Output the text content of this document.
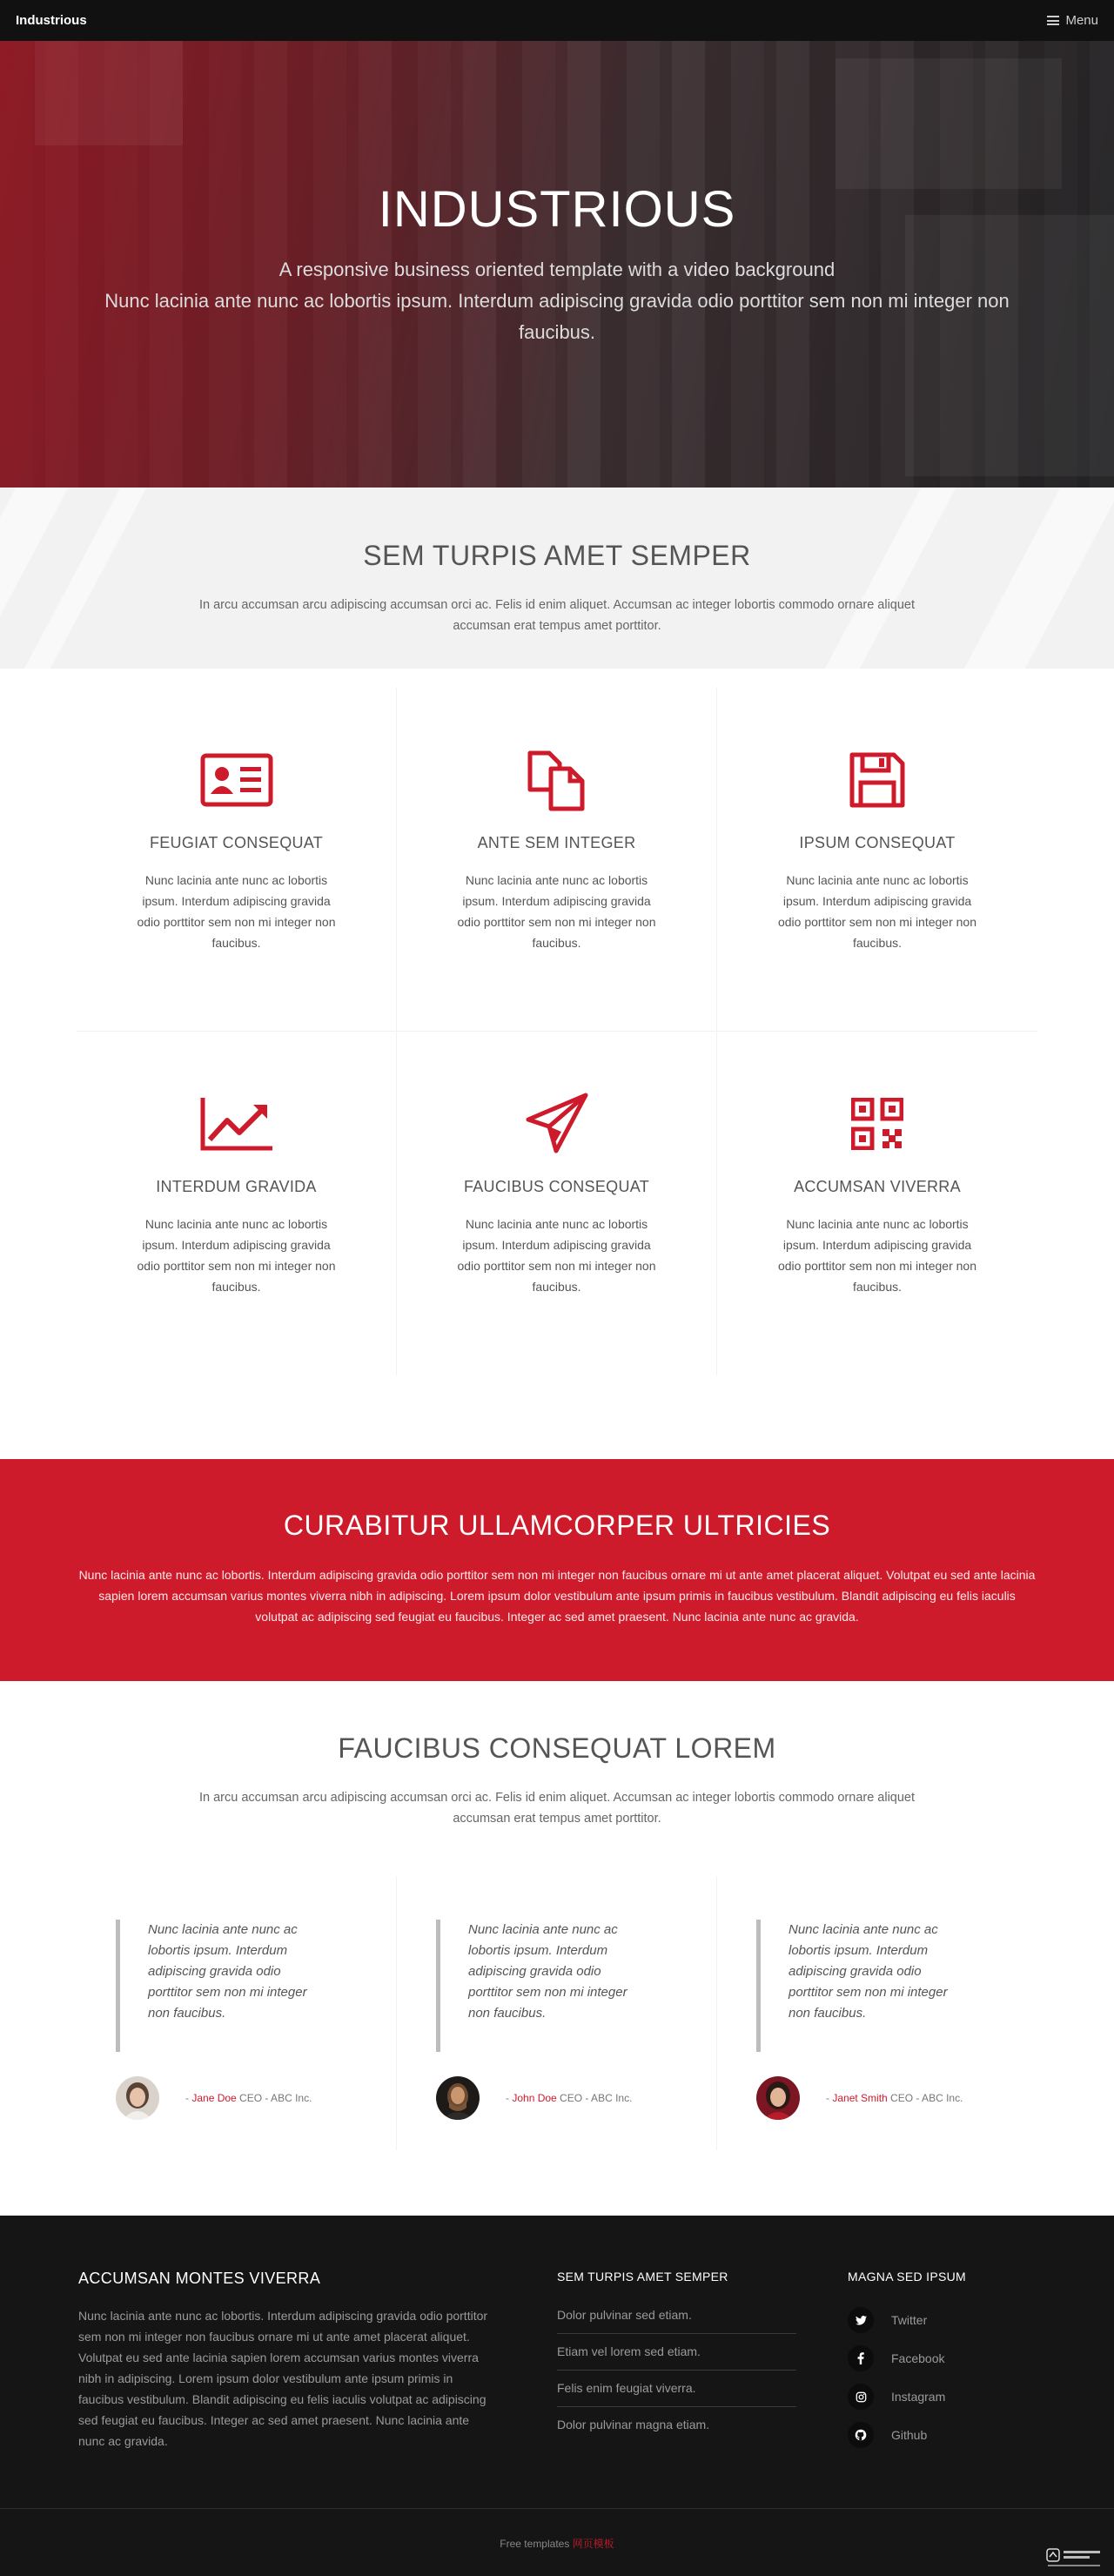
Industrious	Menu
INDUSTRIOUS
A responsive business oriented template with a video background
Nunc lacinia ante nunc ac lobortis ipsum. Interdum adipiscing gravida odio porttitor sem non mi integer non
faucibus.
SEM TURPIS AMET SEMPER

In arcu accumsan arcu adipiscing accumsan orci ac. Felis id enim aliquet. Accumsan ac integer lobortis commodo ornare aliquet accumsan erat tempus amet porttitor.

FEUGIAT CONSEQUAT

Nunc lacinia ante nunc ac lobortis ipsum. Interdum adipiscing gravida odio porttitor sem non mi integer non faucibus.

ANTE SEM INTEGER

Nunc lacinia ante nunc ac lobortis ipsum. Interdum adipiscing gravida odio porttitor sem non mi integer non faucibus.

IPSUM CONSEQUAT

Nunc lacinia ante nunc ac lobortis ipsum. Interdum adipiscing gravida odio porttitor sem non mi integer non faucibus.

INTERDUM GRAVIDA

Nunc lacinia ante nunc ac lobortis ipsum. Interdum adipiscing gravida odio porttitor sem non mi integer non faucibus.

FAUCIBUS CONSEQUAT

Nunc lacinia ante nunc ac lobortis ipsum. Interdum adipiscing gravida odio porttitor sem non mi integer non faucibus.

ACCUMSAN VIVERRA

Nunc lacinia ante nunc ac lobortis ipsum. Interdum adipiscing gravida odio porttitor sem non mi integer non faucibus.

CURABITUR ULLAMCORPER ULTRICIES

Nunc lacinia ante nunc ac lobortis. Interdum adipiscing gravida odio porttitor sem non mi integer non faucibus ornare mi ut ante amet placerat aliquet. Volutpat eu sed ante lacinia sapien lorem accumsan varius montes viverra nibh in adipiscing. Lorem ipsum dolor vestibulum ante ipsum primis in faucibus vestibulum. Blandit adipiscing eu felis iaculis volutpat ac adipiscing sed feugiat eu faucibus. Integer ac sed amet praesent. Nunc lacinia ante nunc ac gravida.

FAUCIBUS CONSEQUAT LOREM

In arcu accumsan arcu adipiscing accumsan orci ac. Felis id enim aliquet. Accumsan ac integer lobortis commodo ornare aliquet accumsan erat tempus amet porttitor.

Nunc lacinia ante nunc ac lobortis ipsum. Interdum adipiscing gravida odio porttitor sem non mi integer non faucibus.

- Jane Doe CEO - ABC Inc.

Nunc lacinia ante nunc ac lobortis ipsum. Interdum adipiscing gravida odio porttitor sem non mi integer non faucibus.

- John Doe CEO - ABC Inc.

Nunc lacinia ante nunc ac lobortis ipsum. Interdum adipiscing gravida odio porttitor sem non mi integer non faucibus.

- Janet Smith CEO - ABC Inc.
ACCUMSAN MONTES VIVERRA

Nunc lacinia ante nunc ac lobortis. Interdum adipiscing gravida odio porttitor sem non mi integer non faucibus ornare mi ut ante amet placerat aliquet. Volutpat eu sed ante lacinia sapien lorem accumsan varius montes viverra nibh in adipiscing. Lorem ipsum dolor vestibulum ante ipsum primis in faucibus vestibulum. Blandit adipiscing eu felis iaculis volutpat ac adipiscing sed feugiat eu faucibus. Integer ac sed amet praesent. Nunc lacinia ante nunc ac gravida.

SEM TURPIS AMET SEMPER
Dolor pulvinar sed etiam.
Etiam vel lorem sed etiam.
Felis enim feugiat viverra.
Dolor pulvinar magna etiam.
MAGNA SED IPSUM
Twitter
Facebook
Instagram
Github
Free templates 网页模板
